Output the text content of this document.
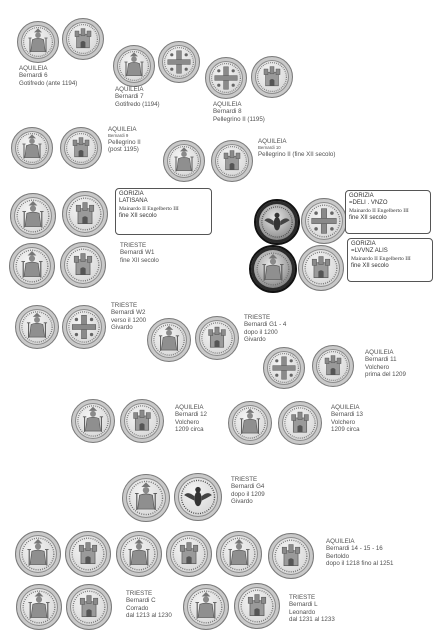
AQUILEIA
Bernardi 6
Gotifredo (ante 1194)
AQUILEIA
Bernardi 7
Gotifredo (1194)	AQUILEIA
Bernardi 8
Pellegrino II (1195)
AQUILEIA
Bernardi 9
Pellegrino II
(post 1195)
AQUILEIA
Bernardi 10
Pellegrino II (fine XII secolo)
GORIZIA
LATISANA
Mainardo II Engelberto III
fine XII secolo
GORIZIA
=DELI . VNZO
Mainardo II Engelberto III
fine XII secolo
TRIESTE
Bernardi W1
fine XII secolo
GORIZIA
=LVVNZ ALIS
Mainardo II Engelberto III
fine XII secolo
TRIESTE
Bernardi W2
verso il 1200
Givardo
TRIESTE
Bernardi G1 - 4
dopo il 1200
Givardo
AQUILEIA
Bernardi 11
Volchero
prima del 1209
AQUILEIA
Bernardi 12
Volchero
1209 circa
AQUILEIA
Bernardi 13
Volchero
1209 circa
TRIESTE
Bernardi G4
dopo il 1209
Givardo
AQUILEIA
Bernardi 14 - 15 - 16
Bertoldo
dopo il 1218 fino al 1251
TRIESTE
Bernardi C
Corrado
dal 1213 al 1230
TRIESTE
Bernardi L
Leonardo
dal 1231 al 1233
